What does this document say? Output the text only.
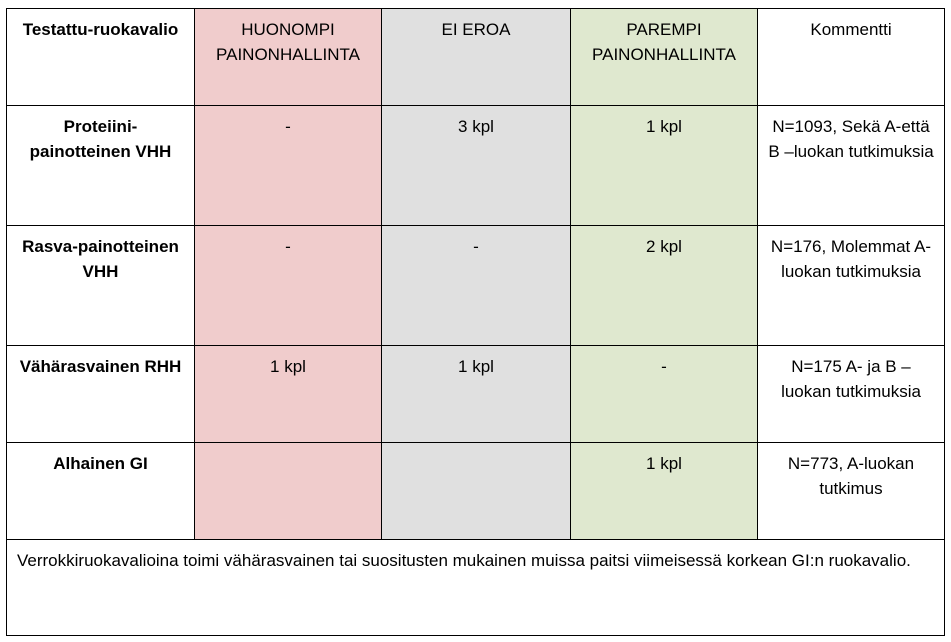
Testattu-ruokavalio	HUONOMPI PAINONHALLINTA	EI EROA	PAREMPI PAINONHALLINTA	Kommentti
Proteiini-painotteinen VHH	-	3 kpl	1 kpl	N=1093, Sekä A-että B –luokan tutkimuksia
Rasva-painotteinen VHH	-	-	2 kpl	N=176, Molemmat A-luokan tutkimuksia
Vähärasvainen RHH	1 kpl	1 kpl	-	N=175 A- ja B –luokan tutkimuksia
Alhainen GI			1 kpl	N=773, A-luokan tutkimus
Verrokkiruokavalioina toimi vähärasvainen tai suositusten mukainen muissa paitsi viimeisessä korkean GI:n ruokavalio.				
